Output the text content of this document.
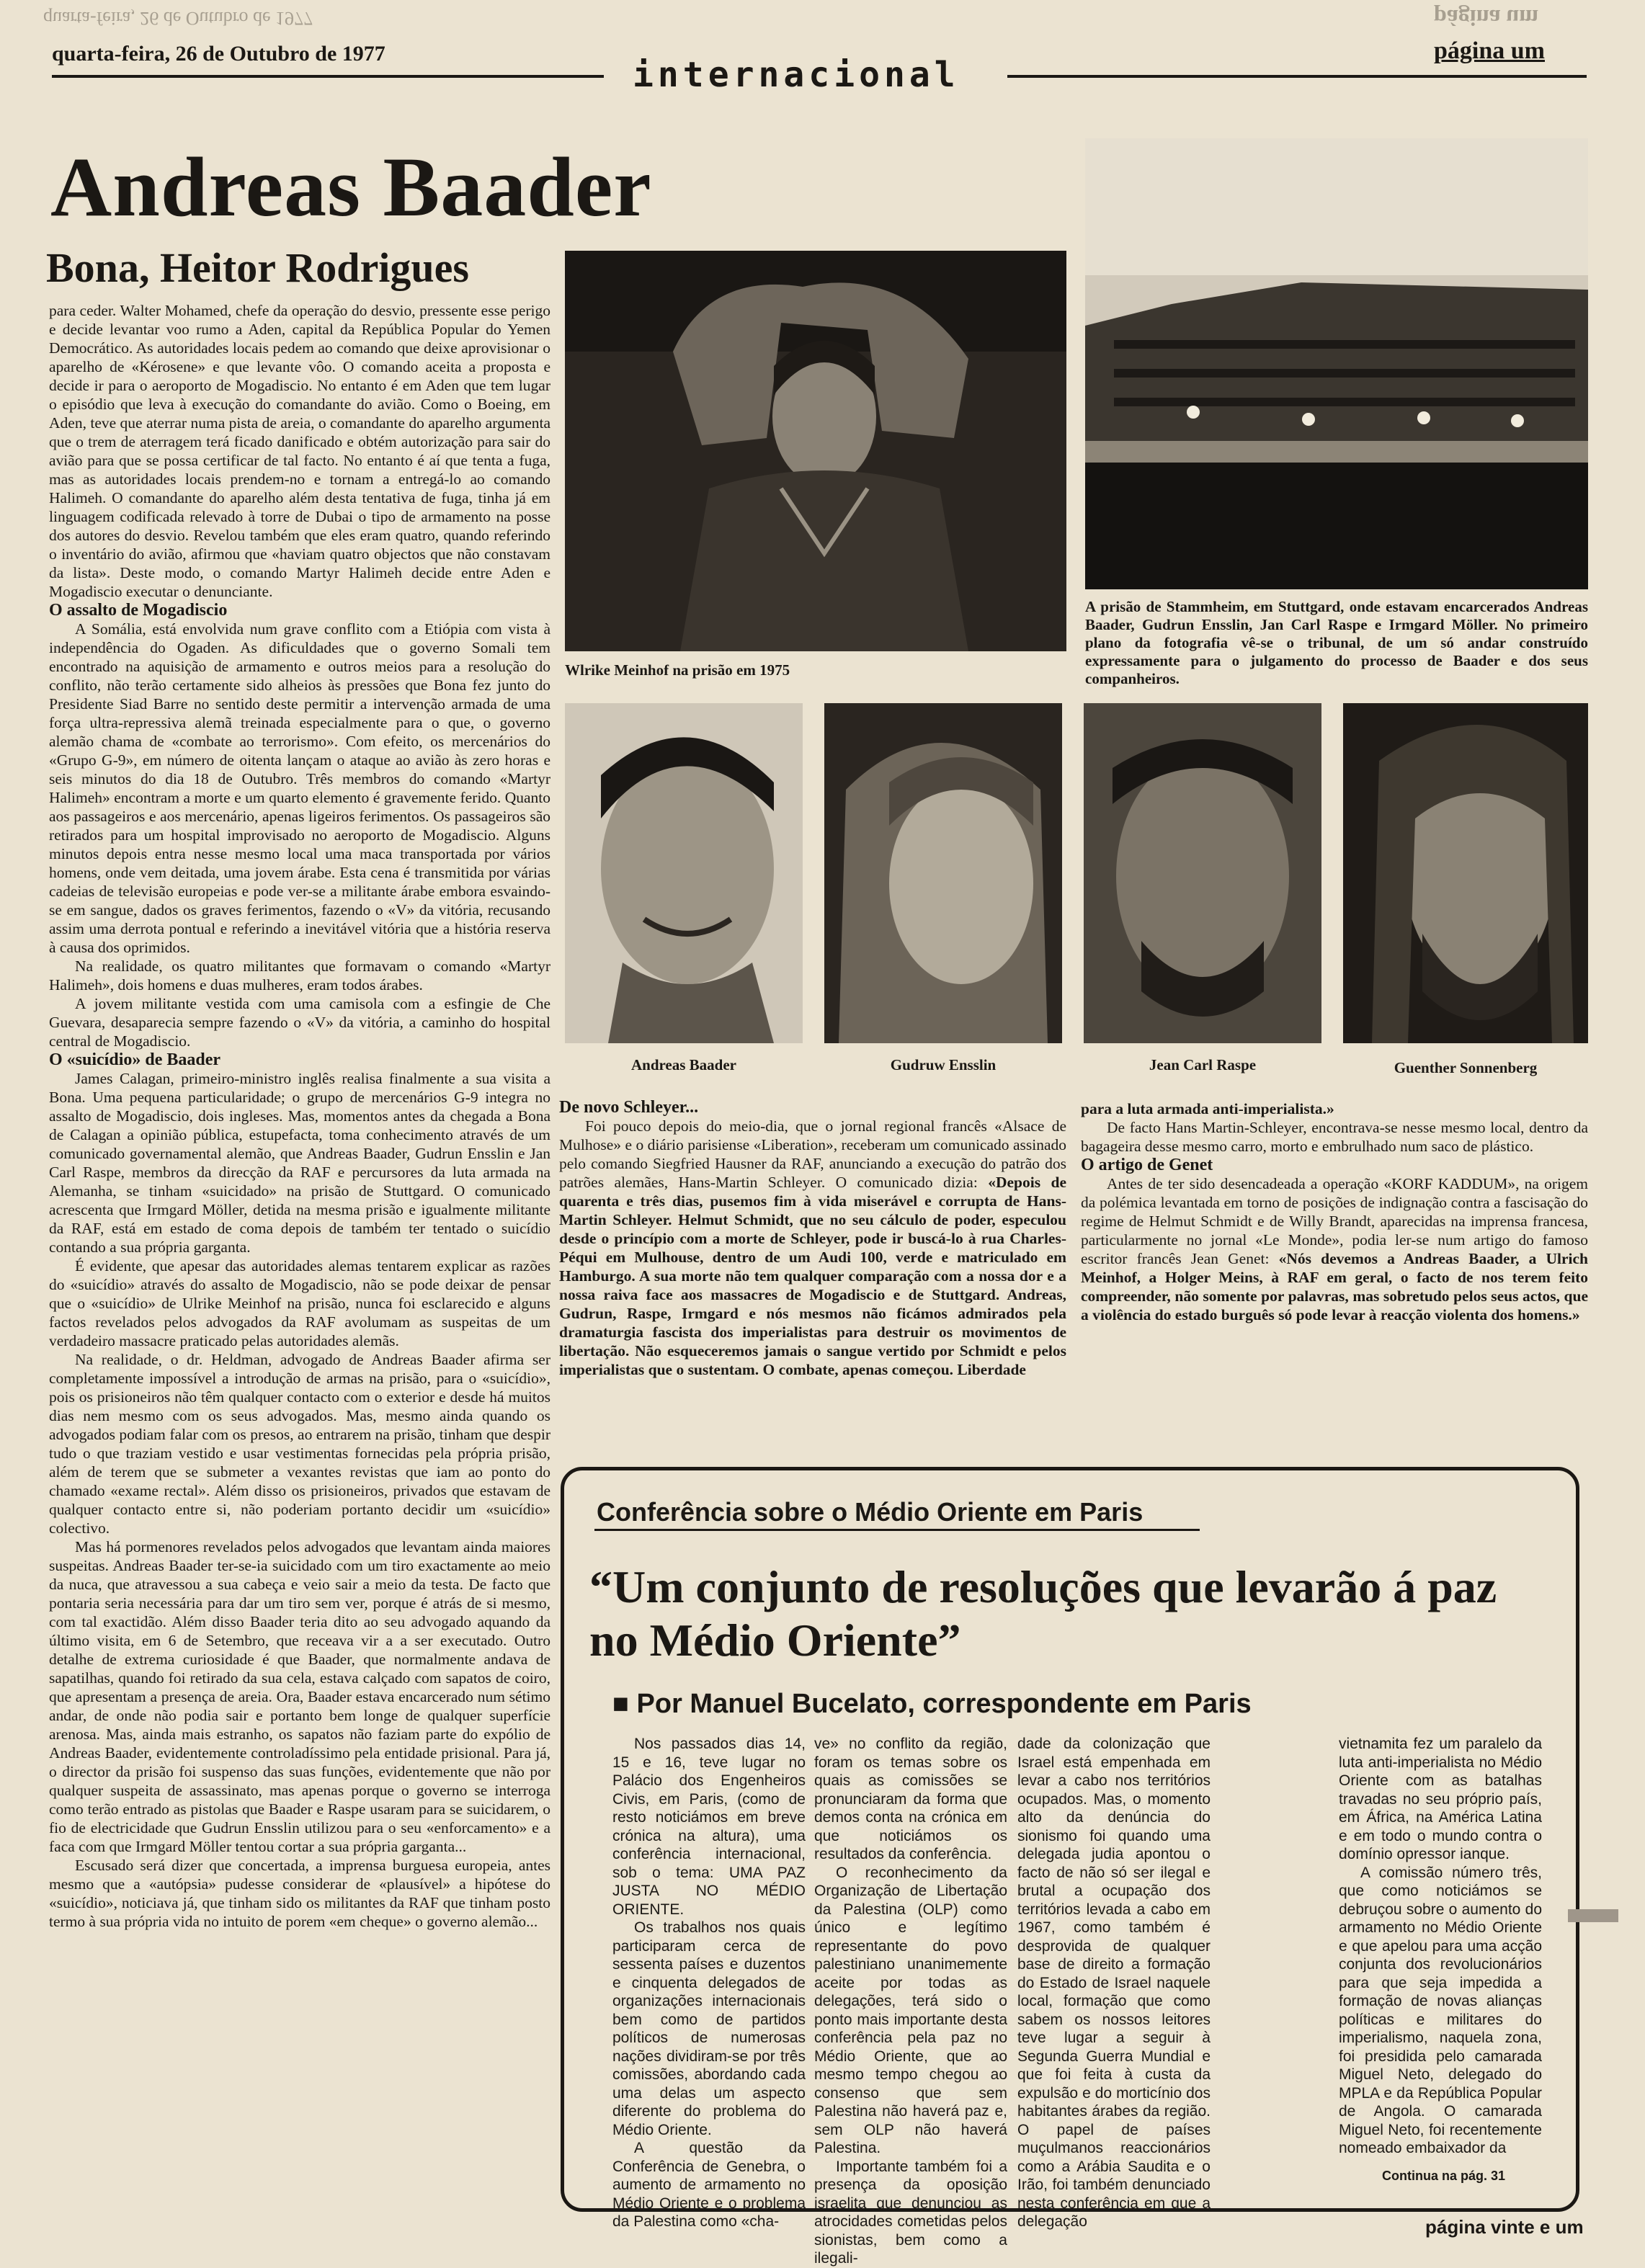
quarta-feira, 26 de Outubro de 1977	página um
quarta-feira, 26 de Outubro de 1977
internacional
página um
Andreas Baader
Bona, Heitor Rodrigues

para ceder. Walter Mohamed, chefe da operação do desvio, pressente esse perigo e decide levantar voo rumo a Aden, capital da República Popular do Yemen Democrático. As autoridades locais pedem ao comando que deixe aprovisionar o aparelho de «Kérosene» e que levante vôo. O comando aceita a proposta e decide ir para o aeroporto de Mogadiscio. No entanto é em Aden que tem lugar o episódio que leva à execução do comandante do avião. Como o Boeing, em Aden, teve que aterrar numa pista de areia, o comandante do aparelho argumenta que o trem de aterragem terá ficado danificado e obtém autorização para sair do avião para que se possa certificar de tal facto. No entanto é aí que tenta a fuga, mas as autoridades locais prendem-no e tornam a entregá-lo ao comando Halimeh. O comandante do aparelho além desta tentativa de fuga, tinha já em linguagem codificada relevado à torre de Dubai o tipo de armamento na posse dos autores do desvio. Revelou também que eles eram quatro, quando referindo o inventário do avião, afirmou que «haviam quatro objectos que não constavam da lista». Deste modo, o comando Martyr Halimeh decide entre Aden e Mogadiscio executar o denunciante.

O assalto de Mogadiscio

A Somália, está envolvida num grave conflito com a Etiópia com vista à independência do Ogaden. As dificuldades que o governo Somali tem encontrado na aquisição de armamento e outros meios para a resolução do conflito, não terão certamente sido alheios às pressões que Bona fez junto do Presidente Siad Barre no sentido deste permitir a intervenção armada de uma força ultra-repressiva alemã treinada especialmente para o que, o governo alemão chama de «combate ao terrorismo». Com efeito, os mercenários do «Grupo G-9», em número de oitenta lançam o ataque ao avião às zero horas e seis minutos do dia 18 de Outubro. Três membros do comando «Martyr Halimeh» encontram a morte e um quarto elemento é gravemente ferido. Quanto aos passageiros e aos mercenário, apenas ligeiros ferimentos. Os passageiros são retirados para um hospital improvisado no aeroporto de Mogadiscio. Alguns minutos depois entra nesse mesmo local uma maca transportada por vários homens, onde vem deitada, uma jovem árabe. Esta cena é transmitida por várias cadeias de televisão europeias e pode ver-se a militante árabe embora esvaindo-se em sangue, dados os graves ferimentos, fazendo o «V» da vitória, recusando assim uma derrota pontual e referindo a inevitável vitória que a história reserva à causa dos oprimidos.

Na realidade, os quatro militantes que formavam o comando «Martyr Halimeh», dois homens e duas mulheres, eram todos árabes.

A jovem militante vestida com uma camisola com a esfingie de Che Guevara, desaparecia sempre fazendo o «V» da vitória, a caminho do hospital central de Mogadiscio.

O «suicídio» de Baader

James Calagan, primeiro-ministro inglês realisa finalmente a sua visita a Bona. Uma pequena particularidade; o grupo de mercenários G-9 integra no assalto de Mogadiscio, dois ingleses. Mas, momentos antes da chegada a Bona de Calagan a opinião pública, estupefacta, toma conhecimento através de um comunicado governamental alemão, que Andreas Baader, Gudrun Ensslin e Jan Carl Raspe, membros da direcção da RAF e percursores da luta armada na Alemanha, se tinham «suicidado» na prisão de Stuttgard. O comunicado acrescenta que Irmgard Möller, detida na mesma prisão e igualmente militante da RAF, está em estado de coma depois de também ter tentado o suicídio contando a sua própria garganta.

É evidente, que apesar das autoridades alemas tentarem explicar as razões do «suicídio» através do assalto de Mogadiscio, não se pode deixar de pensar que o «suicídio» de Ulrike Meinhof na prisão, nunca foi esclarecido e alguns factos revelados pelos advogados da RAF avolumam as suspeitas de um verdadeiro massacre praticado pelas autoridades alemãs.

Na realidade, o dr. Heldman, advogado de Andreas Baader afirma ser completamente impossível a introdução de armas na prisão, para o «suicídio», pois os prisioneiros não têm qualquer contacto com o exterior e desde há muitos dias nem mesmo com os seus advogados. Mas, mesmo ainda quando os advogados podiam falar com os presos, ao entrarem na prisão, tinham que despir tudo o que traziam vestido e usar vestimentas fornecidas pela própria prisão, além de terem que se submeter a vexantes revistas que iam ao ponto do chamado «exame rectal». Além disso os prisioneiros, privados que estavam de qualquer contacto entre si, não poderiam portanto decidir um «suicídio» colectivo.

Mas há pormenores revelados pelos advogados que levantam ainda maiores suspeitas. Andreas Baader ter-se-ia suicidado com um tiro exactamente ao meio da nuca, que atravessou a sua cabeça e veio sair a meio da testa. De facto que pontaria seria necessária para dar um tiro sem ver, porque é atrás de si mesmo, com tal exactidão. Além disso Baader teria dito ao seu advogado aquando da último visita, em 6 de Setembro, que receava vir a a ser executado. Outro detalhe de extrema curiosidade é que Baader, que normalmente andava de sapatilhas, quando foi retirado da sua cela, estava calçado com sapatos de coiro, que apresentam a presença de areia. Ora, Baader estava encarcerado num sétimo andar, de onde não podia sair e portanto bem longe de qualquer superfície arenosa. Mas, ainda mais estranho, os sapatos não faziam parte do expólio de Andreas Baader, evidentemente controladíssimo pela entidade prisional. Para já, o director da prisão foi suspenso das suas funções, evidentemente que não por qualquer suspeita de assassinato, mas apenas porque o governo se interroga como terão entrado as pistolas que Baader e Raspe usaram para se suicidarem, o fio de electricidade que Gudrun Ensslin utilizou para o seu «enforcamento» e a faca com que Irmgard Möller tentou cortar a sua própria garganta...

Escusado será dizer que concertada, a imprensa burguesa europeia, antes mesmo que a «autópsia» pudesse considerar de «plausível» a hipótese do «suicídio», noticiava já, que tinham sido os militantes da RAF que tinham posto termo à sua própria vida no intuito de porem «em cheque» o governo alemão...

Wlrike Meinhof na prisão em 1975
A prisão de Stammheim, em Stuttgard, onde estavam encarcerados Andreas Baader, Gudrun Ensslin, Jan Carl Raspe e Irmgard Möller. No primeiro plano da fotografia vê-se o tribunal, de um só andar construído expressamente para o julgamento do processo de Baader e dos seus companheiros.
Andreas Baader	Gudruw Ensslin	Jean Carl Raspe	Guenther Sonnenberg

De novo Schleyer...

Foi pouco depois do meio-dia, que o jornal regional francês «Alsace de Mulhose» e o diário parisiense «Liberation», receberam um comunicado assinado pelo comando Siegfried Hausner da RAF, anunciando a execução do patrão dos patrões alemães, Hans-Martin Schleyer. O comunicado dizia: «Depois de quarenta e três dias, pusemos fim à vida miserável e corrupta de Hans-Martin Schleyer. Helmut Schmidt, que no seu cálculo de poder, especulou desde o princípio com a morte de Schleyer, pode ir buscá-lo à rua Charles-Péqui em Mulhouse, dentro de um Audi 100, verde e matriculado em Hamburgo. A sua morte não tem qualquer comparação com a nossa dor e a nossa raiva face aos massacres de Mogadiscio e de Stuttgard. Andreas, Gudrun, Raspe, Irmgard e nós mesmos não ficámos admirados pela dramaturgia fascista dos imperialistas para destruir os movimentos de libertação. Não esqueceremos jamais o sangue vertido por Schmidt e pelos imperialistas que o sustentam. O combate, apenas começou. Liberdade

para a luta armada anti-imperialista.»

De facto Hans Martin-Schleyer, encontrava-se nesse mesmo local, dentro da bagageira desse mesmo carro, morto e embrulhado num saco de plástico.

O artigo de Genet

Antes de ter sido desencadeada a operação «KORF KADDUM», na origem da polémica levantada em torno de posições de indignação contra a fascisação do regime de Helmut Schmidt e de Willy Brandt, aparecidas na imprensa francesa, particularmente no jornal «Le Monde», podia ler-se num artigo do famoso escritor francês Jean Genet: «Nós devemos a Andreas Baader, a Ulrich Meinhof, a Holger Meins, à RAF em geral, o facto de nos terem feito compreender, não somente por palavras, mas sobretudo pelos seus actos, que a violência do estado burguês só pode levar à reacção violenta dos homens.»

Conferência sobre o Médio Oriente em Paris
“Um conjunto de resoluções que levarão á paz no Médio Oriente”
■ Por Manuel Bucelato, correspondente em Paris

Nos passados dias 14, 15 e 16, teve lugar no Palácio dos Engenheiros Civis, em Paris, (como de resto noticiámos em breve crónica na altura), uma conferência internacional, sob o tema: UMA PAZ JUSTA NO MÉDIO ORIENTE.

Os trabalhos nos quais participaram cerca de sessenta países e duzentos e cinquenta delegados de organizações internacionais bem como de partidos políticos de numerosas nações dividiram-se por três comissões, abordando cada uma delas um aspecto diferente do problema do Médio Oriente.

A questão da Conferência de Genebra, o aumento de armamento no Médio Oriente e o problema da Palestina como «cha-

ve» no conflito da região, foram os temas sobre os quais as comissões se pronunciaram da forma que demos conta na crónica em que noticiámos os resultados da conferência.

O reconhecimento da Organização de Libertação da Palestina (OLP) como único e legítimo representante do povo palestiniano unanimemente aceite por todas as delegações, terá sido o ponto mais importante desta conferência pela paz no Médio Oriente, que ao mesmo tempo chegou ao consenso que sem Palestina não haverá paz e, sem OLP não haverá Palestina.

Importante também foi a presença da oposição israelita que denunciou as atrocidades cometidas pelos sionistas, bem como a ilegali-

dade da colonização que Israel está empenhada em levar a cabo nos territórios ocupados. Mas, o momento alto da denúncia do sionismo foi quando uma delegada judia apontou o facto de não só ser ilegal e brutal a ocupação dos territórios levada a cabo em 1967, como também é desprovida de qualquer base de direito a formação do Estado de Israel naquele local, formação que como sabem os nossos leitores teve lugar a seguir à Segunda Guerra Mundial e que foi feita à custa da expulsão e do morticínio dos habitantes árabes da região. O papel de países muçulmanos reaccionários como a Arábia Saudita e o Irão, foi também denunciado nesta conferência em que a delegação

vietnamita fez um paralelo da luta anti-imperialista no Médio Oriente com as batalhas travadas no seu próprio país, em África, na América Latina e em todo o mundo contra o domínio opressor ianque.

A comissão número três, que como noticiámos se debruçou sobre o aumento do armamento no Médio Oriente e que apelou para uma acção conjunta dos revolucionários para que seja impedida a formação de novas alianças políticas e militares do imperialismo, naquela zona, foi presidida pelo camarada Miguel Neto, delegado do MPLA e da República Popular de Angola. O camarada Miguel Neto, foi recentemente nomeado embaixador da

Continua na pág. 31
página vinte e um
